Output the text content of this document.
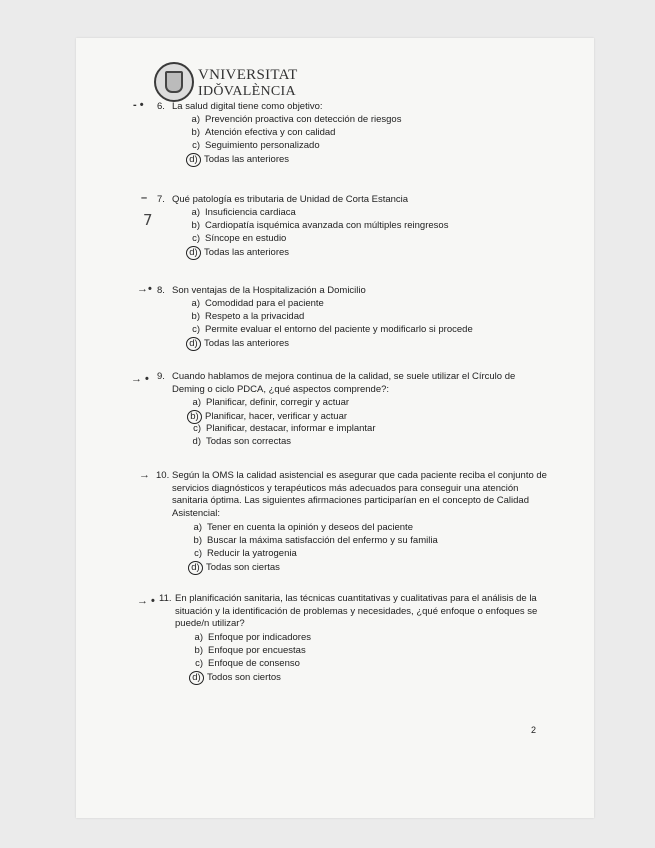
VNIVERSITAT
IDǑVALÈNCIA
- • 6. La salud digital tiene como objetivo:
a) Prevención proactiva con detección de riesgos
b) Atención efectiva y con calidad
c) Seguimiento personalizado
d) Todas las anteriores
– 7. Qué patología es tributaria de Unidad de Corta Estancia
7	a) Insuficiencia cardiaca
b) Cardiopatía isquémica avanzada con múltiples reingresos
c) Síncope en estudio
d) Todas las anteriores
→• 8. Son ventajas de la Hospitalización a Domicilio
a) Comodidad para el paciente
b) Respeto a la privacidad
c) Permite evaluar el entorno del paciente y modificarlo si procede
d) Todas las anteriores
→ • 9. Cuando hablamos de mejora continua de la calidad, se suele utilizar el Círculo de
Deming o ciclo PDCA, ¿qué aspectos comprende?:
a) Planificar, definir, corregir y actuar
b) Planificar, hacer, verificar y actuar
c) Planificar, destacar, informar e implantar
d) Todas son correctas
→ 10. Según la OMS la calidad asistencial es asegurar que cada paciente reciba el conjunto de
servicios diagnósticos y terapéuticos más adecuados para conseguir una atención
sanitaria óptima. Las siguientes afirmaciones participarían en el concepto de Calidad
Asistencial:
a) Tener en cuenta la opinión y deseos del paciente
b) Buscar la máxima satisfacción del enfermo y su familia
c) Reducir la yatrogenia
d) Todas son ciertas
→ • 11. En planificación sanitaria, las técnicas cuantitativas y cualitativas para el análisis de la
situación y la identificación de problemas y necesidades, ¿qué enfoque o enfoques se
puede/n utilizar?
a) Enfoque por indicadores
b) Enfoque por encuestas
c) Enfoque de consenso
d) Todos son ciertos
2
